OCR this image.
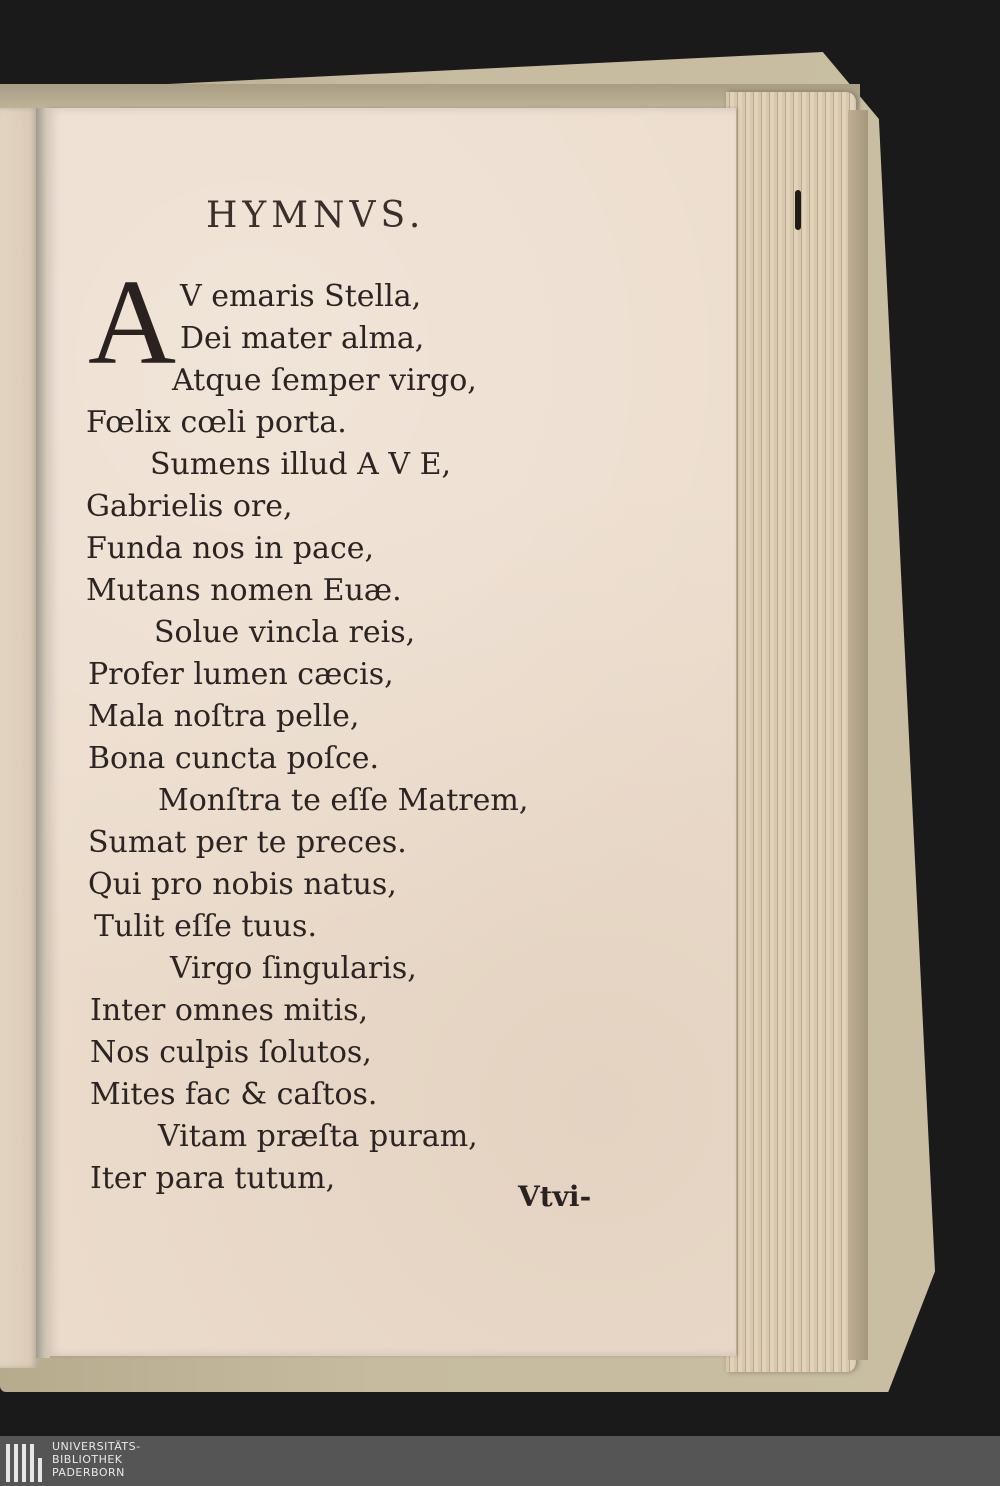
HYMNVS.
A V emaris Stella,
Dei mater alma,
Atque ſemper virgo,
Fœlix cœli porta.
Sumens illud A V E,
Gabrielis ore,
Funda nos in pace,
Mutans nomen Euæ.
Solue vincla reis,
Profer lumen cæcis,
Mala noſtra pelle,
Bona cuncta poſce.
Monſtra te eſſe Matrem,
Sumat per te preces.
Qui pro nobis natus,
Tulit eſſe tuus.
Virgo ſingularis,
Inter omnes mitis,
Nos culpis ſolutos,
Mites fac & caſtos.
Vitam præſta puram,
Iter para tutum,
Vtvi-
UNIVERSITÄTS-
BIBLIOTHEK
PADERBORN
